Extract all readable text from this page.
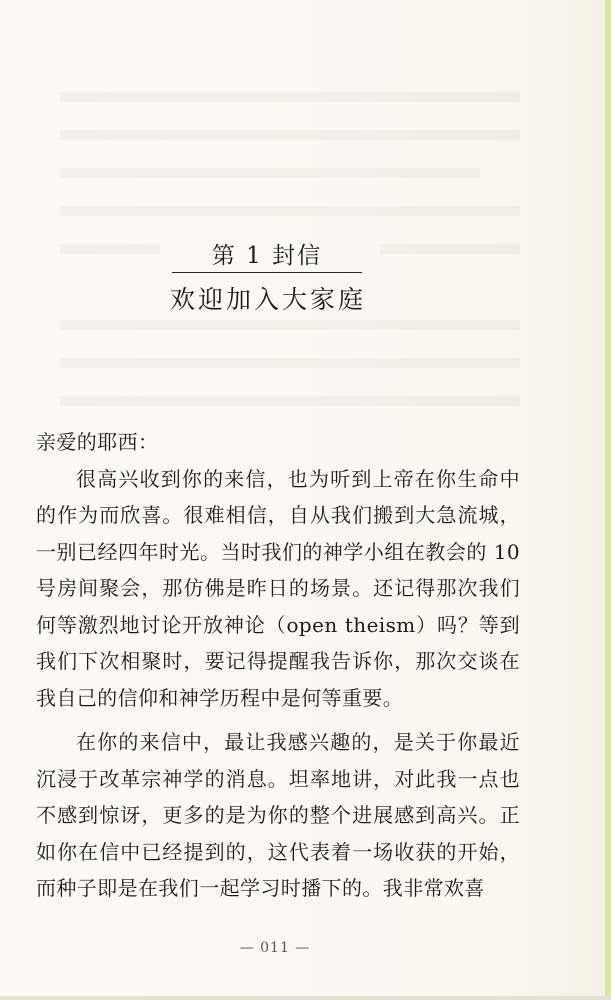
第 1 封信
欢迎加入大家庭

亲爱的耶西：

很高兴收到你的来信，也为听到上帝在你生命中的作为而欣喜。很难相信，自从我们搬到大急流城，一别已经四年时光。当时我们的神学小组在教会的 10 号房间聚会，那仿佛是昨日的场景。还记得那次我们何等激烈地讨论开放神论（open theism）吗？等到我们下次相聚时，要记得提醒我告诉你，那次交谈在我自己的信仰和神学历程中是何等重要。

在你的来信中，最让我感兴趣的，是关于你最近沉浸于改革宗神学的消息。坦率地讲，对此我一点也不感到惊讶，更多的是为你的整个进展感到高兴。正如你在信中已经提到的，这代表着一场收获的开始，而种子即是在我们一起学习时播下的。我非常欢喜

— 011 —
